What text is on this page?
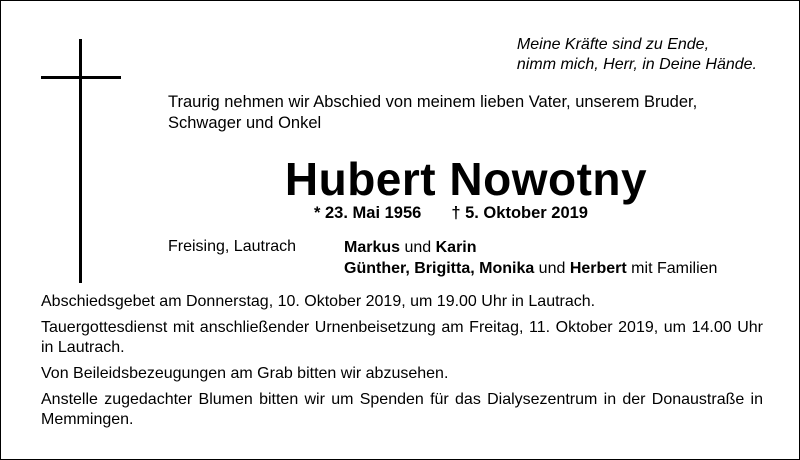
Meine Kräfte sind zu Ende,
nimm mich, Herr, in Deine Hände.
Traurig nehmen wir Abschied von meinem lieben Vater, unserem Bruder,
Schwager und Onkel
Hubert Nowotny
* 23. Mai 1956 † 5. Oktober 2019
Freising, Lautrach	Markus und Karin
Günther, Brigitta, Monika und Herbert mit Familien

Abschiedsgebet am Donnerstag, 10. Oktober 2019, um 19.00 Uhr in Lautrach.

Tauergottesdienst mit anschließender Urnenbeisetzung am Freitag, 11. Oktober 2019, um 14.00 Uhr in Lautrach.

Von Beileidsbezeugungen am Grab bitten wir abzusehen.

Anstelle zugedachter Blumen bitten wir um Spenden für das Dialysezentrum in der Donaustraße in Memmingen.
